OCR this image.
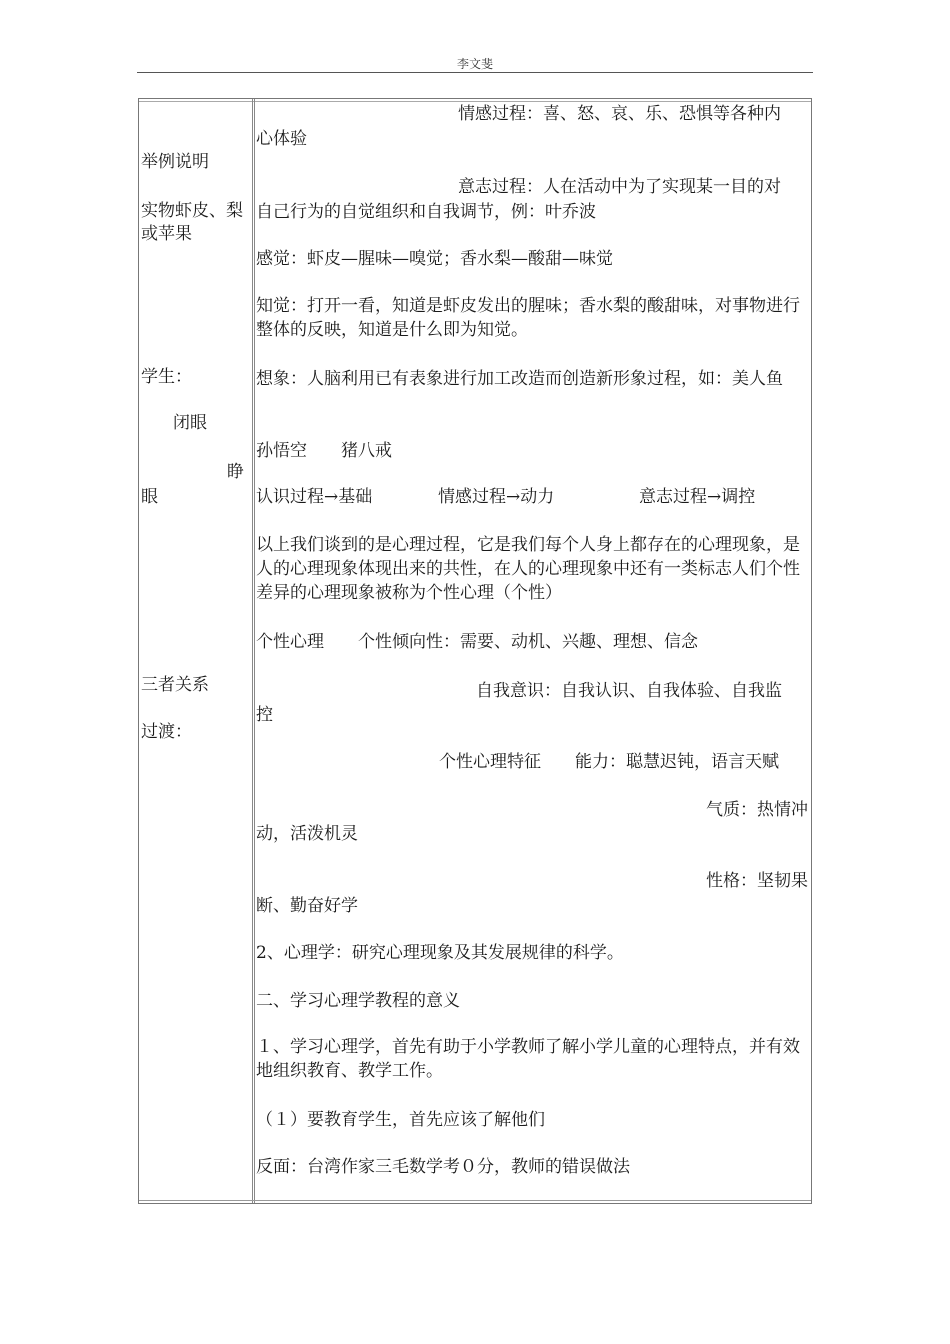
李文斐
举例说明
实物虾皮、梨
或苹果
学生：
闭眼
睁
眼
三者关系
过渡：
情感过程：喜、怒、哀、乐、恐惧等各种内
心体验
意志过程：人在活动中为了实现某一目的对
自己行为的自觉组织和自我调节，例：叶乔波
感觉：虾皮—腥味—嗅觉；香水梨—酸甜—味觉
知觉：打开一看，知道是虾皮发出的腥味；香水梨的酸甜味，对事物进行整体的反映，知道是什么即为知觉。
想象：人脑利用已有表象进行加工改造而创造新形象过程，如：美人鱼
孙悟空　　猪八戒
认识过程→基础	情感过程→动力	意志过程→调控
以上我们谈到的是心理过程，它是我们每个人身上都存在的心理现象，是人的心理现象体现出来的共性，在人的心理现象中还有一类标志人们个性差异的心理现象被称为个性心理（个性）
个性心理　　个性倾向性：需要、动机、兴趣、理想、信念
自我意识：自我认识、自我体验、自我监
控
个性心理特征　　能力：聪慧迟钝，语言天赋
气质：热情冲
动，活泼机灵
性格：坚韧果
断、勤奋好学
2、心理学：研究心理现象及其发展规律的科学。
二、学习心理学教程的意义
１、学习心理学，首先有助于小学教师了解小学儿童的心理特点，并有效地组织教育、教学工作。
（１）要教育学生，首先应该了解他们
反面：台湾作家三毛数学考０分，教师的错误做法
